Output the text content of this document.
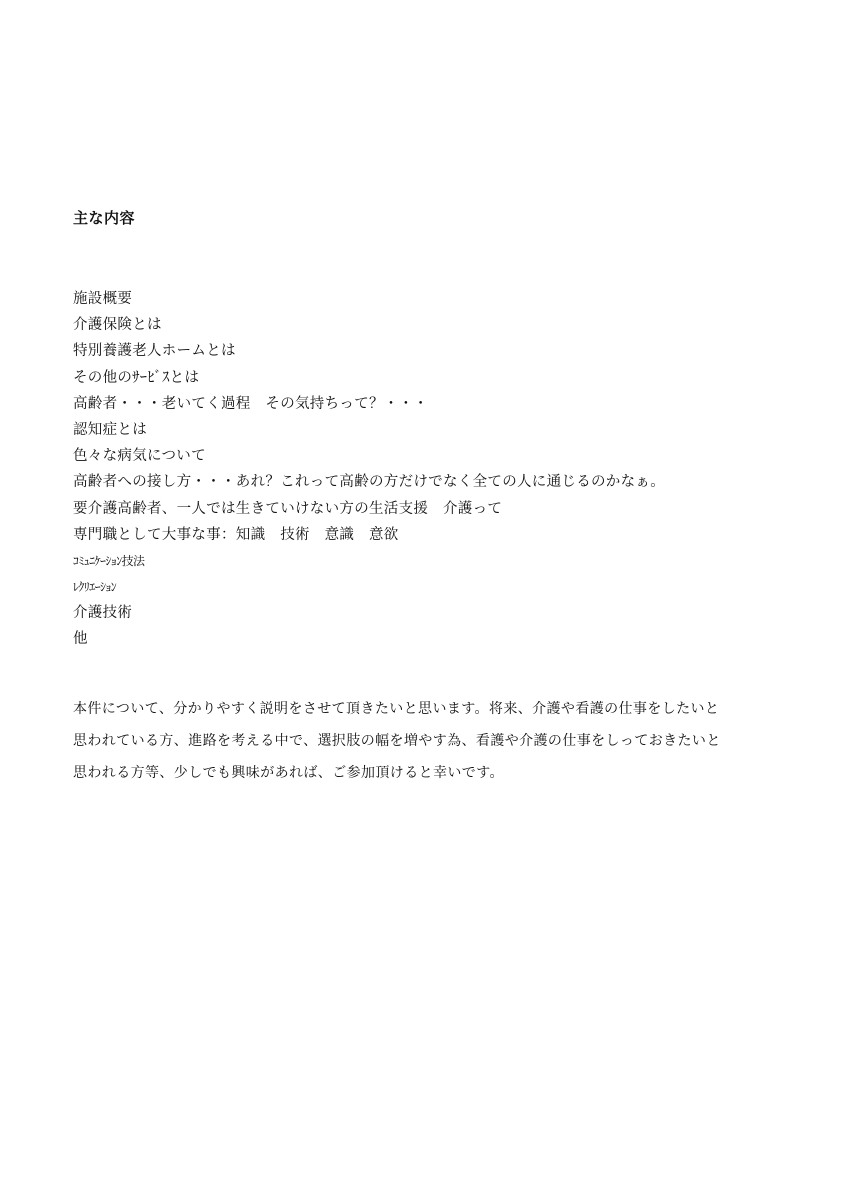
主な内容
施設概要
介護保険とは
特別養護老人ホームとは
その他のｻｰﾋﾞｽとは
高齢者・・・老いてく過程　その気持ちって？・・・
認知症とは
色々な病気について
高齢者への接し方・・・あれ？これって高齢の方だけでなく全ての人に通じるのかなぁ。
要介護高齢者、一人では生きていけない方の生活支援　介護って
専門職として大事な事：知識　技術　意識　意欲
ｺﾐｭﾆｹｰｼｮﾝ技法
ﾚｸﾘｴｰｼｮﾝ
介護技術
他
本件について、分かりやすく説明をさせて頂きたいと思います。将来、介護や看護の仕事をしたいと
思われている方、進路を考える中で、選択肢の幅を増やす為、看護や介護の仕事をしっておきたいと
思われる方等、少しでも興味があれば、ご参加頂けると幸いです。
